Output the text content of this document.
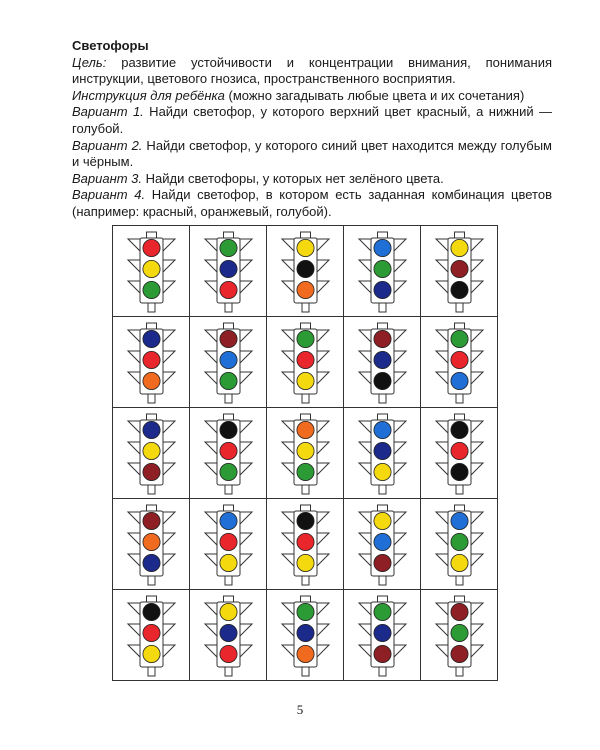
Светофоры

Цель: развитие устойчивости и концентрации внимания, понимания инструкции, цветового гнозиса, пространственного восприятия.

Инструкция для ребёнка (можно загадывать любые цвета и их сочетания)

Вариант 1. Найди светофор, у которого верхний цвет красный, а нижний — голубой.

Вариант 2. Найди светофор, у которого синий цвет находится между голубым и чёрным.

Вариант 3. Найди светофоры, у которых нет зелёного цвета.

Вариант 4. Найди светофор, в котором есть заданная комбинация цветов (например: красный, оранжевый, голубой).

5
